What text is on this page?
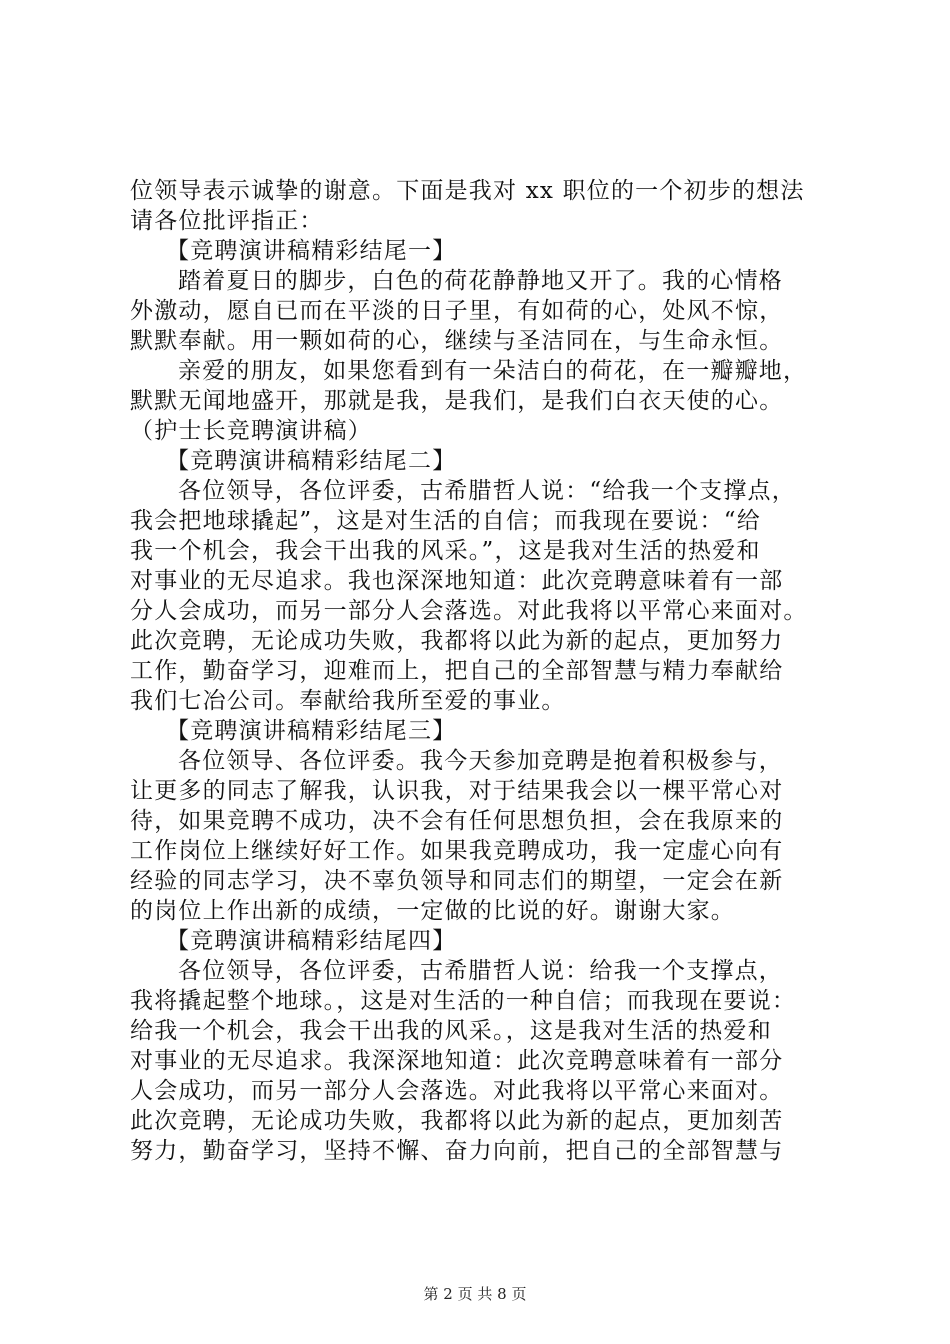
位领导表示诚挚的谢意。下面是我对 xx 职位的一个初步的想法
请各位批评指正：
【竞聘演讲稿精彩结尾一】
踏着夏日的脚步，白色的荷花静静地又开了。我的心情格
外激动，愿自已而在平淡的日子里，有如荷的心，处风不惊，
默默奉献。用一颗如荷的心，继续与圣洁同在，与生命永恒。
亲爱的朋友，如果您看到有一朵洁白的荷花，在一瓣瓣地，
默默无闻地盛开，那就是我，是我们，是我们白衣天使的心。
（护士长竞聘演讲稿）
【竞聘演讲稿精彩结尾二】
各位领导，各位评委，古希腊哲人说：“给我一个支撑点，
我会把地球撬起”，这是对生活的自信；而我现在要说：“给
我一个机会，我会干出我的风采。”，这是我对生活的热爱和
对事业的无尽追求。我也深深地知道：此次竞聘意味着有一部
分人会成功，而另一部分人会落选。对此我将以平常心来面对。
此次竞聘，无论成功失败，我都将以此为新的起点，更加努力
工作，勤奋学习，迎难而上，把自己的全部智慧与精力奉献给
我们七冶公司。奉献给我所至爱的事业。
【竞聘演讲稿精彩结尾三】
各位领导、各位评委。我今天参加竞聘是抱着积极参与，
让更多的同志了解我，认识我，对于结果我会以一棵平常心对
待，如果竞聘不成功，决不会有任何思想负担，会在我原来的
工作岗位上继续好好工作。如果我竞聘成功，我一定虚心向有
经验的同志学习，决不辜负领导和同志们的期望，一定会在新
的岗位上作出新的成绩，一定做的比说的好。谢谢大家。
【竞聘演讲稿精彩结尾四】
各位领导，各位评委，古希腊哲人说：给我一个支撑点，
我将撬起整个地球。，这是对生活的一种自信；而我现在要说：
给我一个机会，我会干出我的风采。，这是我对生活的热爱和
对事业的无尽追求。我深深地知道：此次竞聘意味着有一部分
人会成功，而另一部分人会落选。对此我将以平常心来面对。
此次竞聘，无论成功失败，我都将以此为新的起点，更加刻苦
努力，勤奋学习，坚持不懈、奋力向前，把自己的全部智慧与
第 2 页 共 8 页
